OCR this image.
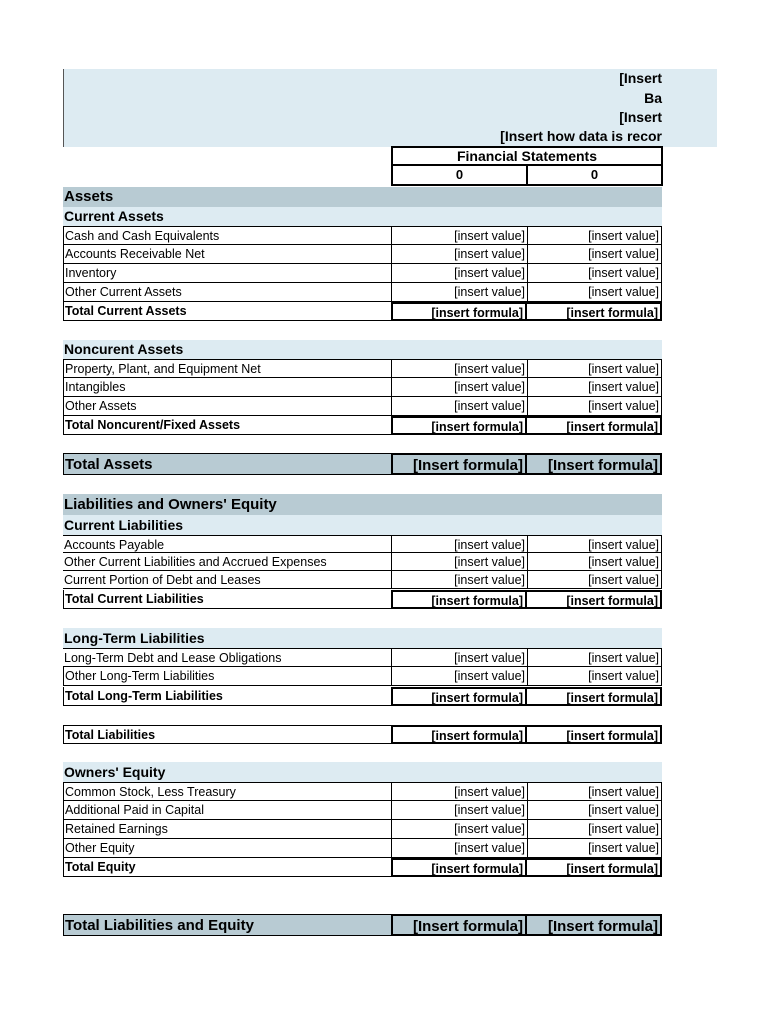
[Insert
Ba
[Insert
[Insert how data is recor
Financial Statements
0	0
Assets
Current Assets
Cash and Cash Equivalents	[insert value]	[insert value]
Accounts Receivable Net	[insert value]	[insert value]
Inventory	[insert value]	[insert value]
Other Current Assets	[insert value]	[insert value]
Total Current Assets	[insert formula]	[insert formula]
Noncurent Assets
Property, Plant, and Equipment Net	[insert value]	[insert value]
Intangibles	[insert value]	[insert value]
Other Assets	[insert value]	[insert value]
Total Noncurent/Fixed Assets	[insert formula]	[insert formula]
Total Assets	[Insert formula]	[Insert formula]
Liabilities and Owners' Equity
Current Liabilities
Accounts Payable	[insert value]	[insert value]
Other Current Liabilities and Accrued Expenses	[insert value]	[insert value]
Current Portion of Debt and Leases	[insert value]	[insert value]
Total Current Liabilities	[insert formula]	[insert formula]
Long-Term Liabilities
Long-Term Debt and Lease Obligations	[insert value]	[insert value]
Other Long-Term Liabilities	[insert value]	[insert value]
Total Long-Term Liabilities	[insert formula]	[insert formula]
Total Liabilities	[insert formula]	[insert formula]
Owners' Equity
Common Stock, Less Treasury	[insert value]	[insert value]
Additional Paid in Capital	[insert value]	[insert value]
Retained Earnings	[insert value]	[insert value]
Other Equity	[insert value]	[insert value]
Total Equity	[insert formula]	[insert formula]
Total Liabilities and Equity	[Insert formula]	[Insert formula]
